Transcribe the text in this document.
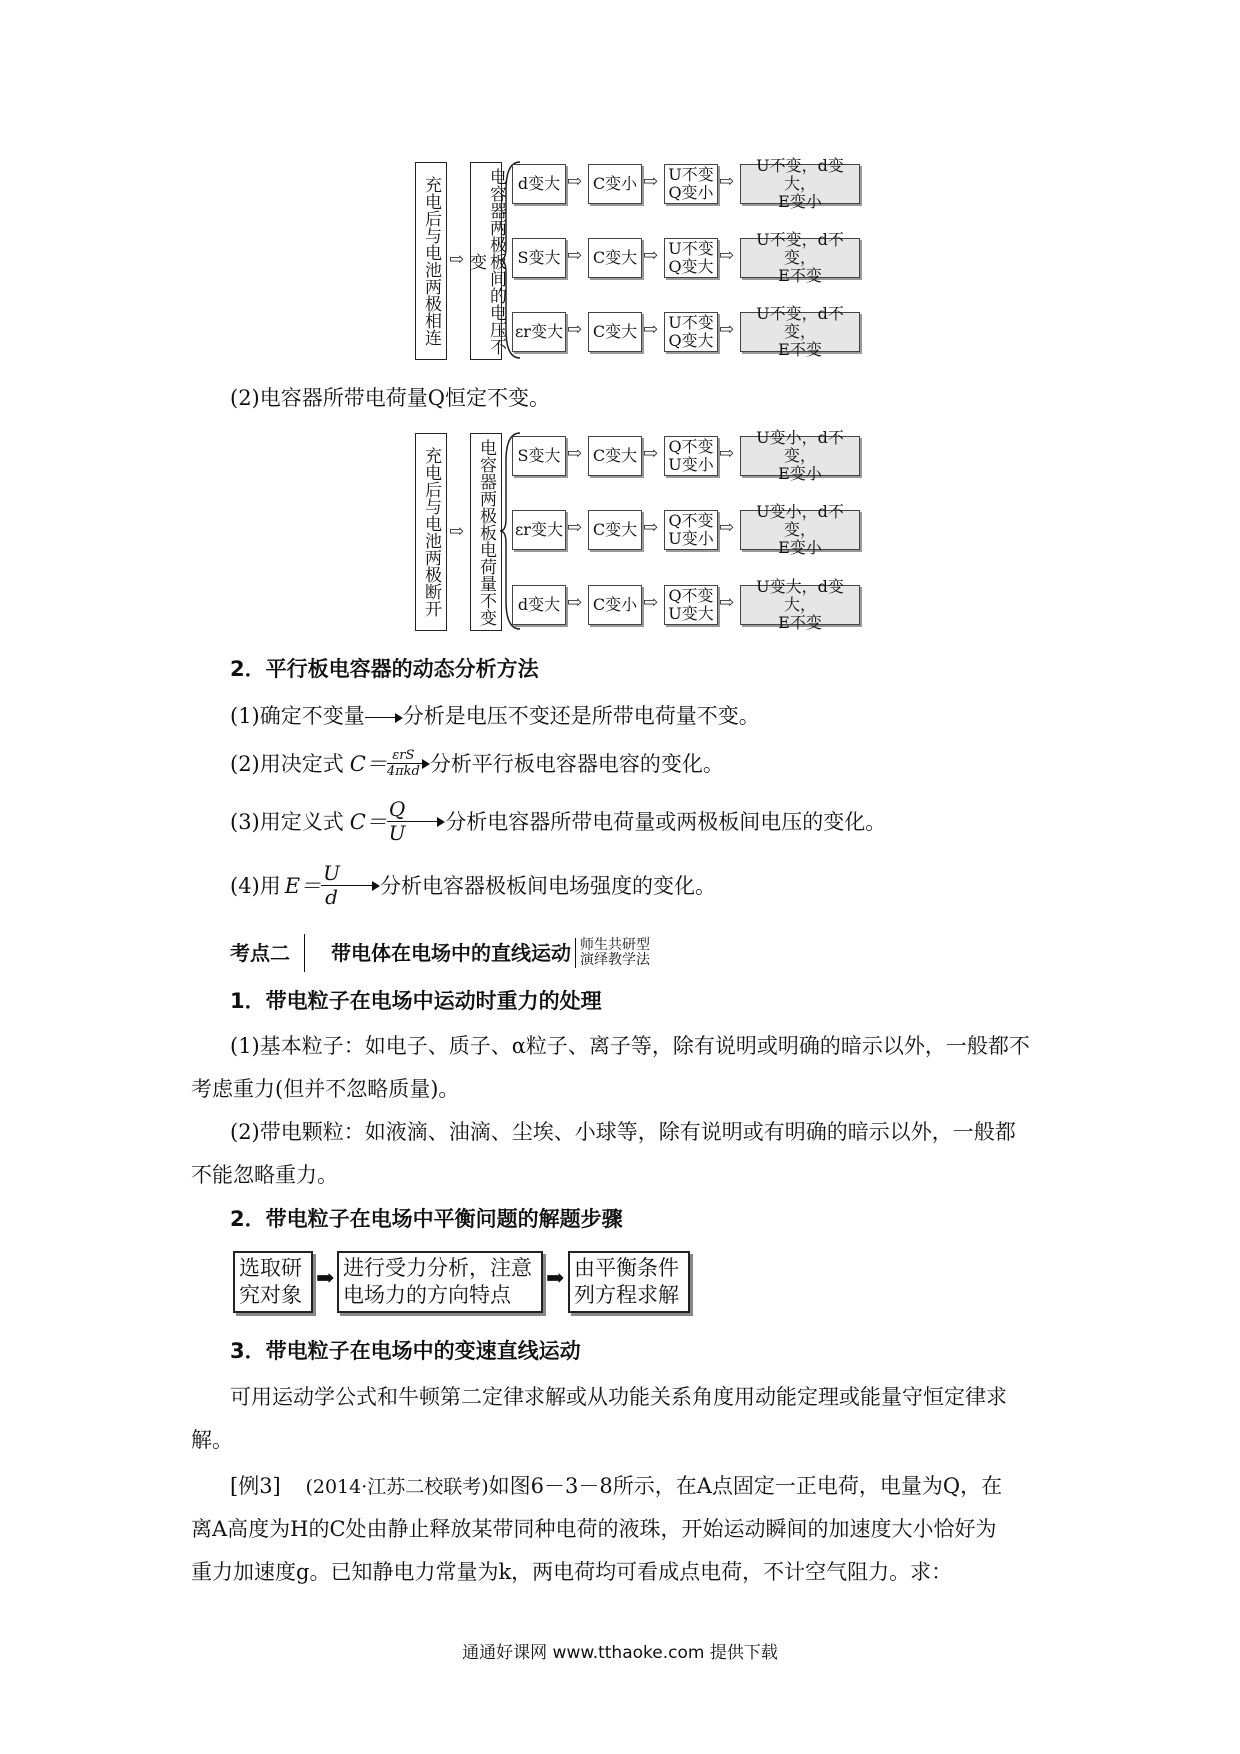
充电后与电池两极相连 ⇨	电容器两极板间的电压不变
d变大 ⇨ C变小 ⇨ U不变
Q变小
⇨
U不变，d变大，
E变小
S变大 ⇨ C变大 ⇨ U不变
Q变大
⇨
U不变，d不变，
E不变
εr变大 ⇨ C变大 ⇨ U不变
Q变大
⇨
U不变，d不变，
E不变
(2)电容器所带电荷量Q恒定不变。
充电后与电池两极断开 ⇨ 电容器两极板电荷量不变	S变大 ⇨ C变大 ⇨ Q不变
U变小
⇨
U变小，d不变，
E变小
εr变大 ⇨ C变大 ⇨ Q不变
U变小
⇨
U变小，d不变，
E变小
d变大 ⇨ C变小 ⇨ Q不变
U变大
⇨
U变大，d变大，
E不变
2．平行板电容器的动态分析方法
(1)确定不变量 分析是电压不变还是所带电荷量不变。
(2)用决定式 $C= \frac{\text{εrS}}{\text{4πkd}}$ 分析平行板电容器电容的变化。
(3)用定义式 $C= \frac{Q}{U}$ 分析电容器所带电荷量或两极板间电压的变化。
(4)用 $E= \frac{U}{d}$ 分析电容器极板间电场强度的变化。
考点二 带电体在电场中的直线运动 师生共研型
演绎教学法
1．带电粒子在电场中运动时重力的处理
(1)基本粒子：如电子、质子、α粒子、离子等，除有说明或明确的暗示以外，一般都不
考虑重力(但并不忽略质量)。
(2)带电颗粒：如液滴、油滴、尘埃、小球等，除有说明或有明确的暗示以外，一般都
不能忽略重力。
2．带电粒子在电场中平衡问题的解题步骤
选取研
究对象
➡ 进行受力分析，注意
电场力的方向特点
➡ 由平衡条件
列方程求解
3．带电粒子在电场中的变速直线运动
可用运动学公式和牛顿第二定律求解或从功能关系角度用动能定理或能量守恒定律求
解。
[例3] (2014·江苏二校联考)如图6－3－8所示，在A点固定一正电荷，电量为Q，在
离A高度为H的C处由静止释放某带同种电荷的液珠，开始运动瞬间的加速度大小恰好为
重力加速度g。已知静电力常量为k，两电荷均可看成点电荷，不计空气阻力。求：
通通好课网 www.tthaoke.com 提供下载
